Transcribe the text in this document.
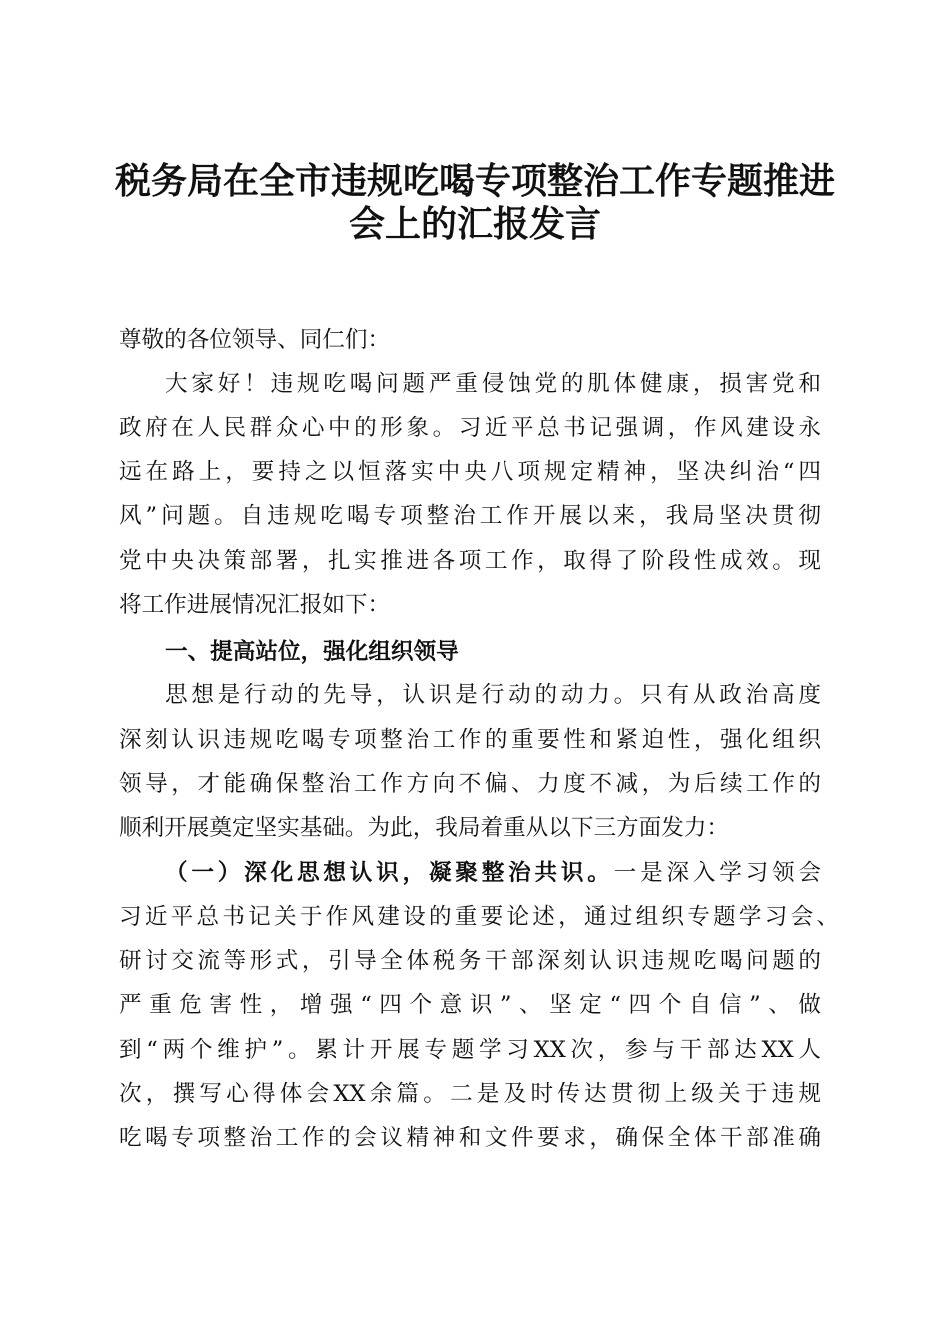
税务局在全市违规吃喝专项整治工作专题推进
会上的汇报发言
尊敬的各位领导、同仁们：
大家好！违规吃喝问题严重侵蚀党的肌体健康，损害党和
政府在人民群众心中的形象。习近平总书记强调，作风建设永
远在路上，要持之以恒落实中央八项规定精神，坚决纠治“四
风”问题。自违规吃喝专项整治工作开展以来，我局坚决贯彻
党中央决策部署，扎实推进各项工作，取得了阶段性成效。现
将工作进展情况汇报如下：
一、提高站位，强化组织领导
思想是行动的先导，认识是行动的动力。只有从政治高度
深刻认识违规吃喝专项整治工作的重要性和紧迫性，强化组织
领导，才能确保整治工作方向不偏、力度不减，为后续工作的
顺利开展奠定坚实基础。为此，我局着重从以下三方面发力：
（一）深化思想认识，凝聚整治共识。一是深入学习领会
习近平总书记关于作风建设的重要论述，通过组织专题学习会、
研讨交流等形式，引导全体税务干部深刻认识违规吃喝问题的
严重危害性，增强“四个意识”、坚定“四个自信”、做
到“两个维护”。累计开展专题学习XX次，参与干部达XX人
次，撰写心得体会XX余篇。二是及时传达贯彻上级关于违规
吃喝专项整治工作的会议精神和文件要求，确保全体干部准确
